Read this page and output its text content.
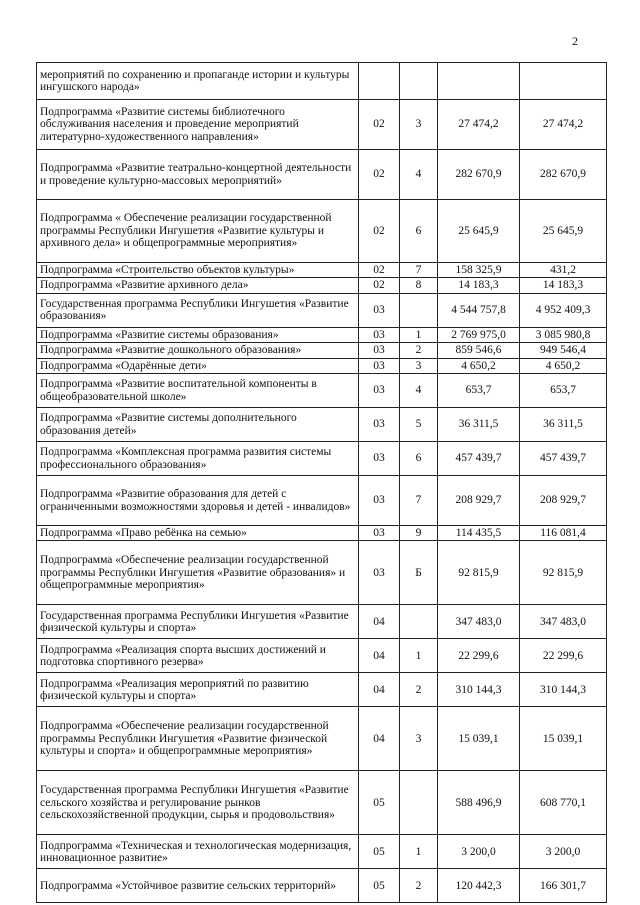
2
мероприятий по сохранению и пропаганде истории и культуры ингушского народа»				
Подпрограмма «Развитие системы библиотечного обслуживания населения и проведение мероприятий литературно-художественного направления»	02	3	27 474,2	27 474,2
Подпрограмма «Развитие театрально-концертной деятельности и проведение культурно-массовых мероприятий»	02	4	282 670,9	282 670,9
Подпрограмма « Обеспечение реализации государственной программы Республики Ингушетия «Развитие культуры и архивного дела» и общепрограммные мероприятия»	02	6	25 645,9	25 645,9
Подпрограмма «Строительство объектов культуры»	02	7	158 325,9	431,2
Подпрограмма «Развитие архивного дела»	02	8	14 183,3	14 183,3
Государственная программа Республики Ингушетия «Развитие образования»	03		4 544 757,8	4 952 409,3
Подпрограмма «Развитие системы образования»	03	1	2 769 975,0	3 085 980,8
Подпрограмма «Развитие дошкольного образования»	03	2	859 546,6	949 546,4
Подпрограмма «Одарённые дети»	03	3	4 650,2	4 650,2
Подпрограмма «Развитие воспитательной компоненты в общеобразовательной школе»	03	4	653,7	653,7
Подпрограмма «Развитие системы дополнительного образования детей»	03	5	36 311,5	36 311,5
Подпрограмма «Комплексная программа развития системы профессионального образования»	03	6	457 439,7	457 439,7
Подпрограмма «Развитие образования для детей с ограниченными возможностями здоровья и детей - инвалидов»	03	7	208 929,7	208 929,7
Подпрограмма «Право ребёнка на семью»	03	9	114 435,5	116 081,4
Подпрограмма «Обеспечение реализации государственной программы Республики Ингушетия «Развитие образования» и общепрограммные мероприятия»	03	Б	92 815,9	92 815,9
Государственная программа Республики Ингушетия «Развитие физической культуры и спорта»	04		347 483,0	347 483,0
Подпрограмма «Реализация спорта высших достижений и подготовка спортивного резерва»	04	1	22 299,6	22 299,6
Подпрограмма «Реализация мероприятий по развитию физической культуры и спорта»	04	2	310 144,3	310 144,3
Подпрограмма «Обеспечение реализации государственной программы Республики Ингушетия «Развитие физической культуры и спорта» и общепрограммные мероприятия»	04	3	15 039,1	15 039,1
Государственная программа Республики Ингушетия «Развитие сельского хозяйства и регулирование рынков сельскохозяйственной продукции, сырья и продовольствия»	05		588 496,9	608 770,1
Подпрограмма «Техническая и технологическая модернизация, инновационное развитие»	05	1	3 200,0	3 200,0
Подпрограмма «Устойчивое развитие сельских территорий»	05	2	120 442,3	166 301,7
